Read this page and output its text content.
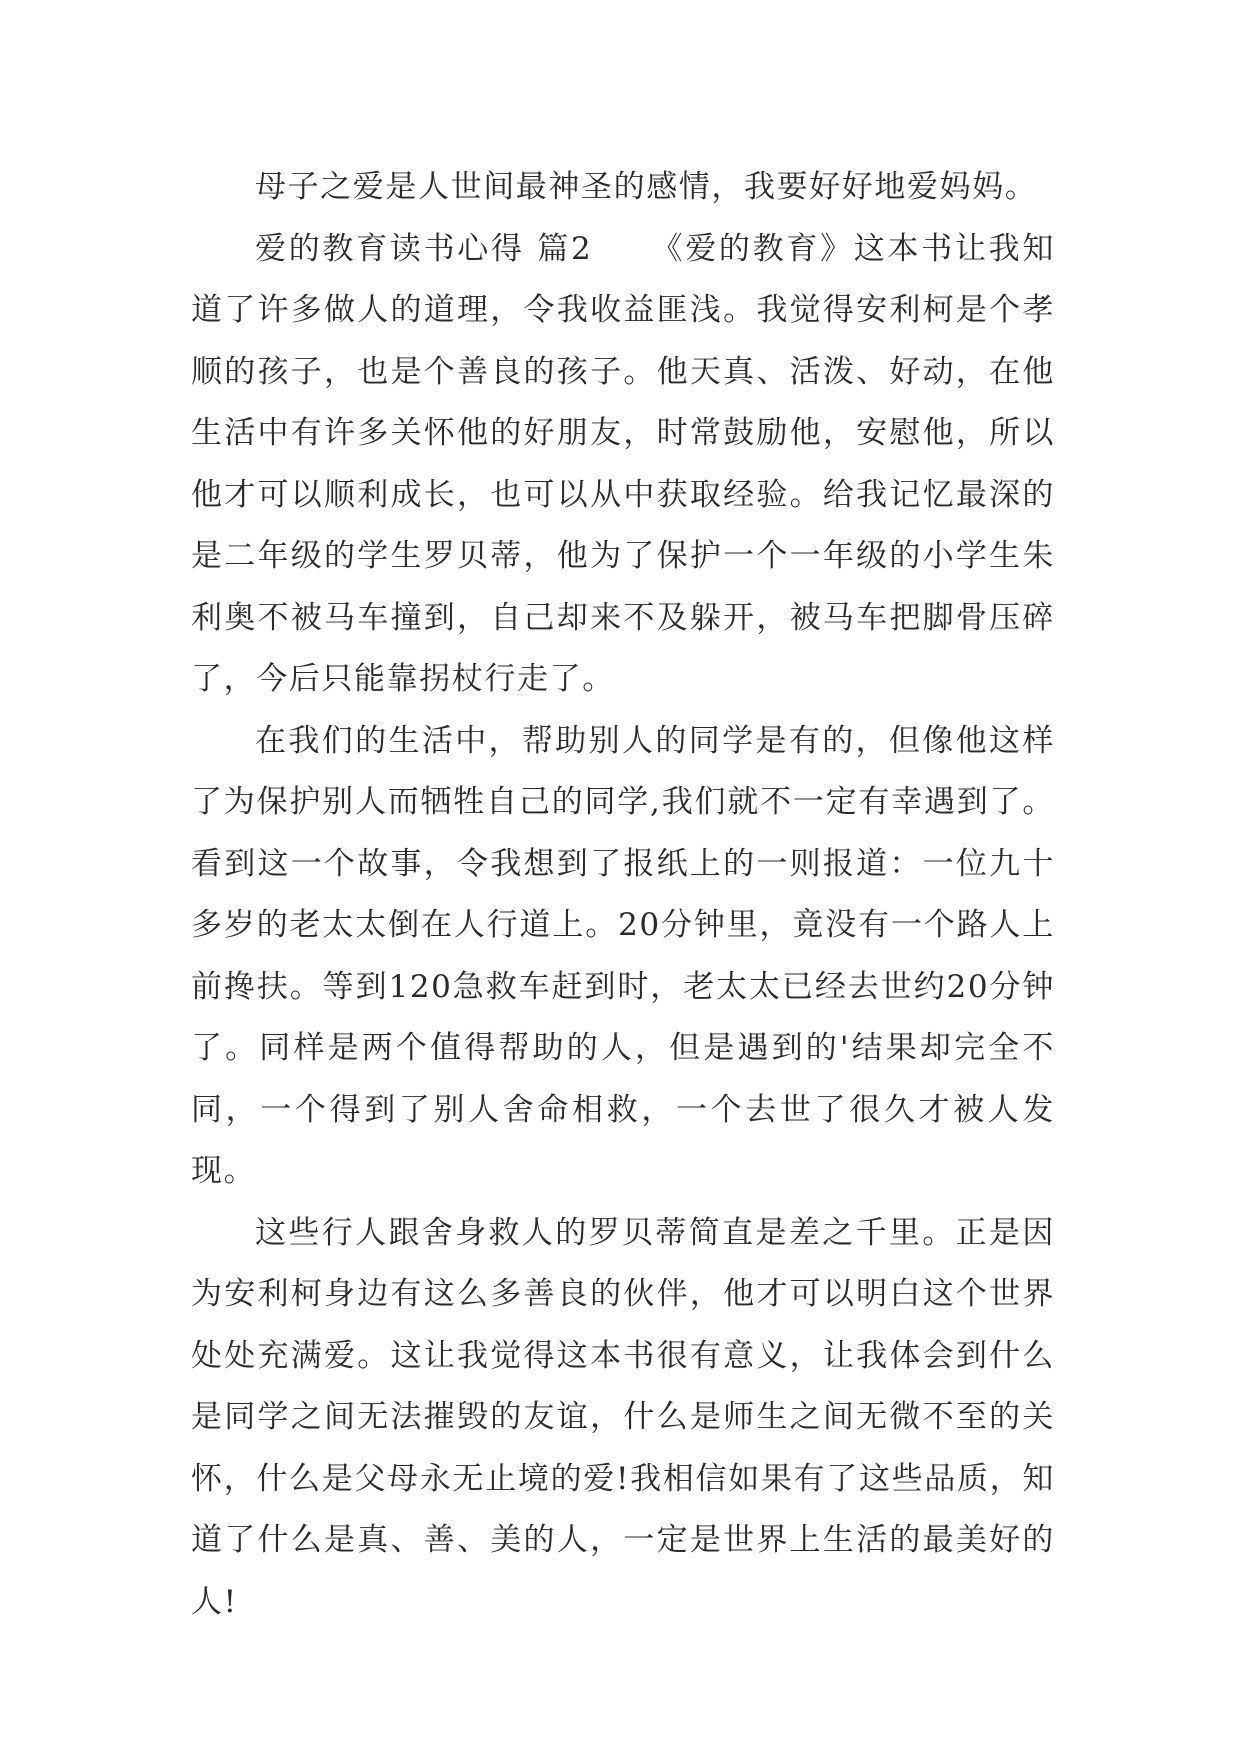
母子之爱是人世间最神圣的感情，我要好好地爱妈妈。

爱的教育读书心得 篇2 《爱的教育》这本书让我知道了许多做人的道理，令我收益匪浅。我觉得安利柯是个孝顺的孩子，也是个善良的孩子。他天真、活泼、好动，在他生活中有许多关怀他的好朋友，时常鼓励他，安慰他，所以他才可以顺利成长，也可以从中获取经验。给我记忆最深的是二年级的学生罗贝蒂，他为了保护一个一年级的小学生朱利奥不被马车撞到，自己却来不及躲开，被马车把脚骨压碎了，今后只能靠拐杖行走了。

在我们的生活中，帮助别人的同学是有的，但像他这样了为保护别人而牺牲自己的同学,我们就不一定有幸遇到了。看到这一个故事，令我想到了报纸上的一则报道：一位九十多岁的老太太倒在人行道上。20分钟里，竟没有一个路人上前搀扶。等到120急救车赶到时，老太太已经去世约20分钟了。同样是两个值得帮助的人，但是遇到的'结果却完全不同，一个得到了别人舍命相救，一个去世了很久才被人发现。

这些行人跟舍身救人的罗贝蒂简直是差之千里。正是因为安利柯身边有这么多善良的伙伴，他才可以明白这个世界处处充满爱。这让我觉得这本书很有意义，让我体会到什么是同学之间无法摧毁的友谊，什么是师生之间无微不至的关怀，什么是父母永无止境的爱!我相信如果有了这些品质，知道了什么是真、善、美的人，一定是世界上生活的最美好的人!
